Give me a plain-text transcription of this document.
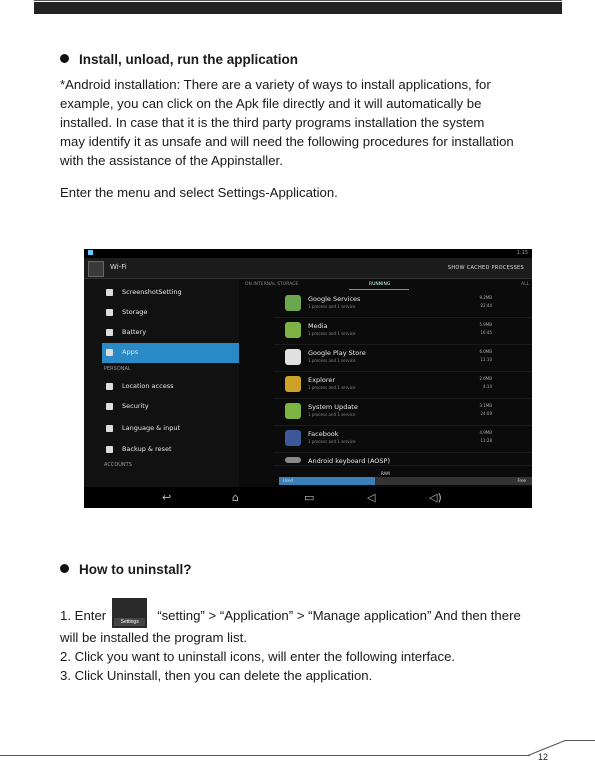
Install, unload, run the application
*Android installation: There are a variety of ways to install applications, for
example, you can click on the Apk file directly and it will automatically be
installed. In case that it is the third party programs installation the system
may identify it as unsafe and will need the following procedures for installation
with the assistance of the Appinstaller.
Enter the menu and select Settings-Application.
1:15
Wi-Fi	SHOW CACHED PROCESSES
ScreenshotSetting
Storage
Battery
Apps
PERSONAL
Location access
Security
Language & input
Backup & reset
ACCOUNTS
ON INTERNAL STORAGE	RUNNING	ALL
Google Services
1 process and 1 service
9.2MB
22:44
Media
1 process and 1 service
5.9MB
16:45
Google Play Store
1 process and 1 service
6.0MB
11:10
Explorer
1 process and 1 service
2.6MB
4:14
System Update
1 process and 1 service
3.1MB
24:09
Facebook
1 process and 1 service
4.9MB
11:28
Android keyboard (AOSP)
Used
RAM
Free
↩	⌂	▭	◁	◁)
How to uninstall?
1. Enter	Settings	“setting” > “Application” > “Manage application” And then there
will be installed the program list.
2. Click you want to uninstall icons, will enter the following interface.
3. Click Uninstall, then you can delete the application.
12
